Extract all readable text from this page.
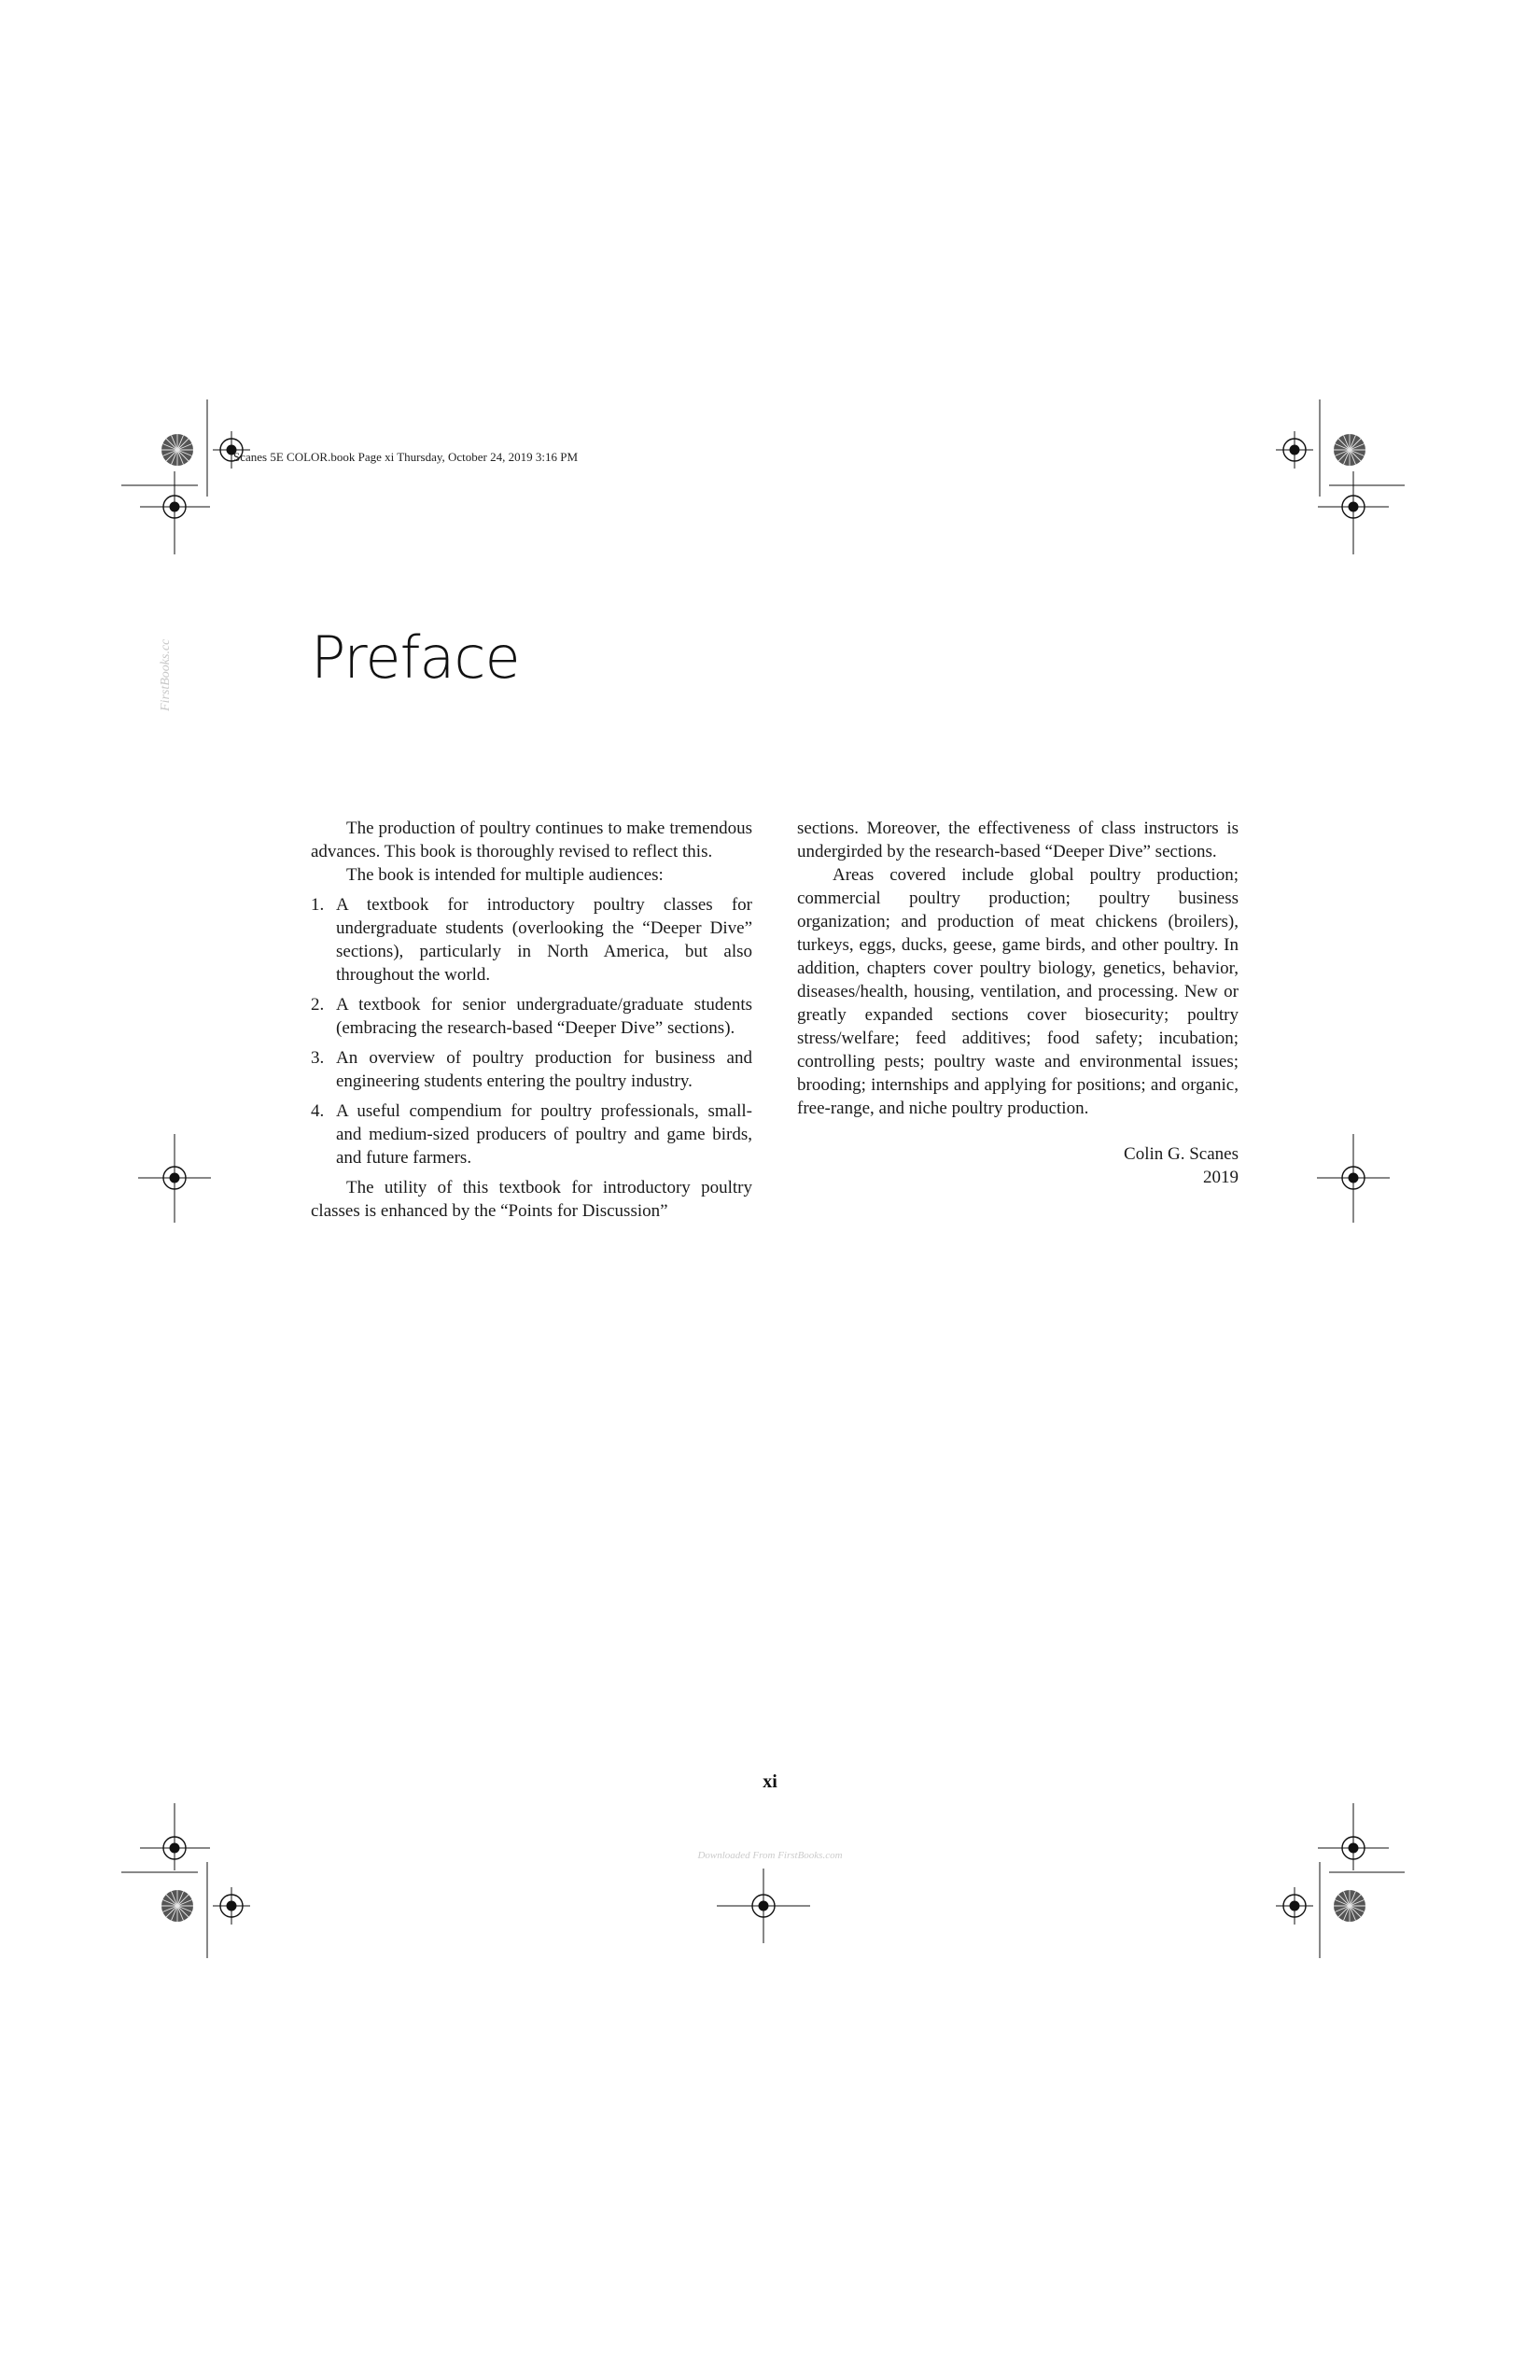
Scanes 5E COLOR.book Page xi Thursday, October 24, 2019 3:16 PM
FirstBooks.cc Preface

The production of poultry continues to make tremendous advances. This book is thoroughly revised to reflect this.

The book is intended for multiple audiences:

1. A textbook for introductory poultry classes for undergraduate students (overlooking the “Deeper Dive” sections), particularly in North America, but also throughout the world.
2. A textbook for senior undergraduate/graduate students (embracing the research-based “Deeper Dive” sections).
3. An overview of poultry production for business and engineering students entering the poultry industry.
4. A useful compendium for poultry professionals, small- and medium-sized producers of poultry and game birds, and future farmers.

The utility of this textbook for introductory poultry classes is enhanced by the “Points for Discussion”

sections. Moreover, the effectiveness of class instructors is undergirded by the research-based “Deeper Dive” sections.

Areas covered include global poultry production; commercial poultry production; poultry business organization; and production of meat chickens (broilers), turkeys, eggs, ducks, geese, game birds, and other poultry. In addition, chapters cover poultry biology, genetics, behavior, diseases/health, housing, ventilation, and processing. New or greatly expanded sections cover biosecurity; poultry stress/welfare; feed additives; food safety; incubation; controlling pests; poultry waste and environmental issues; brooding; internships and applying for positions; and organic, free-range, and niche poultry production.

Colin G. Scanes
2019
xi
Downloaded From FirstBooks.com
